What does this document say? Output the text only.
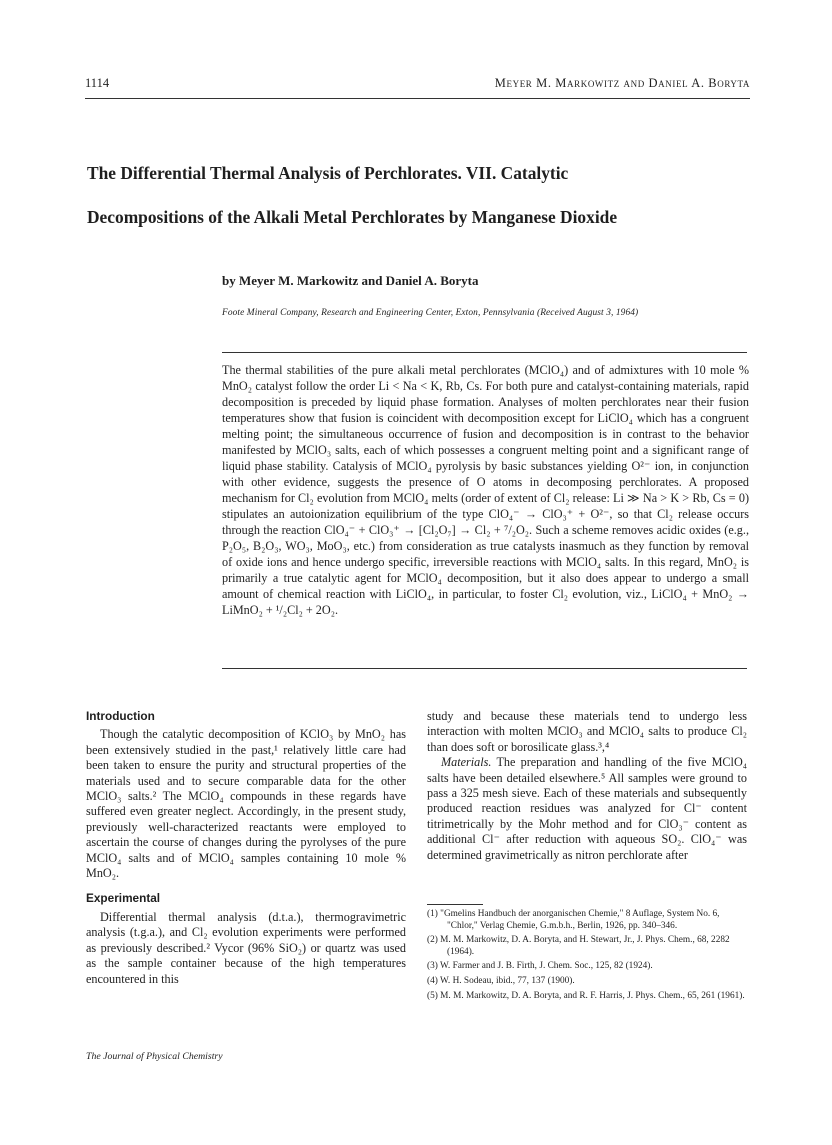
1114	Meyer M. Markowitz and Daniel A. Boryta
The Differential Thermal Analysis of Perchlorates. VII. Catalytic
Decompositions of the Alkali Metal Perchlorates by Manganese Dioxide
by Meyer M. Markowitz and Daniel A. Boryta
Foote Mineral Company, Research and Engineering Center, Exton, Pennsylvania (Received August 3, 1964)
The thermal stabilities of the pure alkali metal perchlorates (MClO₄) and of admixtures with 10 mole % MnO₂ catalyst follow the order Li < Na < K, Rb, Cs. For both pure and catalyst-containing materials, rapid decomposition is preceded by liquid phase formation. Analyses of molten perchlorates near their fusion temperatures show that fusion is coincident with decomposition except for LiClO₄ which has a congruent melting point; the simultaneous occurrence of fusion and decomposition is in contrast to the behavior manifested by MClO₃ salts, each of which possesses a congruent melting point and a significant range of liquid phase stability. Catalysis of MClO₄ pyrolysis by basic substances yielding O²⁻ ion, in conjunction with other evidence, suggests the presence of O atoms in decomposing perchlorates. A proposed mechanism for Cl₂ evolution from MClO₄ melts (order of extent of Cl₂ release: Li ≫ Na > K > Rb, Cs = 0) stipulates an autoionization equilibrium of the type ClO₄⁻ → ClO₃⁺ + O²⁻, so that Cl₂ release occurs through the reaction ClO₄⁻ + ClO₃⁺ → [Cl₂O₇] → Cl₂ + ⁷/₂O₂. Such a scheme removes acidic oxides (e.g., P₂O₅, B₂O₃, WO₃, MoO₃, etc.) from consideration as true catalysts inasmuch as they function by removal of oxide ions and hence undergo specific, irreversible reactions with MClO₄ salts. In this regard, MnO₂ is primarily a true catalytic agent for MClO₄ decomposition, but it also does appear to undergo a small amount of chemical reaction with LiClO₄, in particular, to foster Cl₂ evolution, viz., LiClO₄ + MnO₂ → LiMnO₂ + ¹/₂Cl₂ + 2O₂.
Introduction

Though the catalytic decomposition of KClO₃ by MnO₂ has been extensively studied in the past,¹ relatively little care had been taken to ensure the purity and structural properties of the materials used and to secure comparable data for the other MClO₃ salts.² The MClO₄ compounds in these regards have suffered even greater neglect. Accordingly, in the present study, previously well-characterized reactants were employed to ascertain the course of changes during the pyrolyses of the pure MClO₄ salts and of MClO₄ samples containing 10 mole % MnO₂.

Experimental

Differential thermal analysis (d.t.a.), thermogravimetric analysis (t.g.a.), and Cl₂ evolution experiments were performed as previously described.² Vycor (96% SiO₂) or quartz was used as the sample container because of the high temperatures encountered in this

study and because these materials tend to undergo less interaction with molten MClO₃ and MClO₄ salts to produce Cl₂ than does soft or borosilicate glass.³,⁴

Materials. The preparation and handling of the five MClO₄ salts have been detailed elsewhere.⁵ All samples were ground to pass a 325 mesh sieve. Each of these materials and subsequently produced reaction residues was analyzed for Cl⁻ content titrimetrically by the Mohr method and for ClO₃⁻ content as additional Cl⁻ after reduction with aqueous SO₂. ClO₄⁻ was determined gravimetrically as nitron perchlorate after

(1) "Gmelins Handbuch der anorganischen Chemie," 8 Auflage, System No. 6, "Chlor," Verlag Chemie, G.m.b.h., Berlin, 1926, pp. 340–346.

(2) M. M. Markowitz, D. A. Boryta, and H. Stewart, Jr., J. Phys. Chem., 68, 2282 (1964).

(3) W. Farmer and J. B. Firth, J. Chem. Soc., 125, 82 (1924).

(4) W. H. Sodeau, ibid., 77, 137 (1900).

(5) M. M. Markowitz, D. A. Boryta, and R. F. Harris, J. Phys. Chem., 65, 261 (1961).

The Journal of Physical Chemistry
